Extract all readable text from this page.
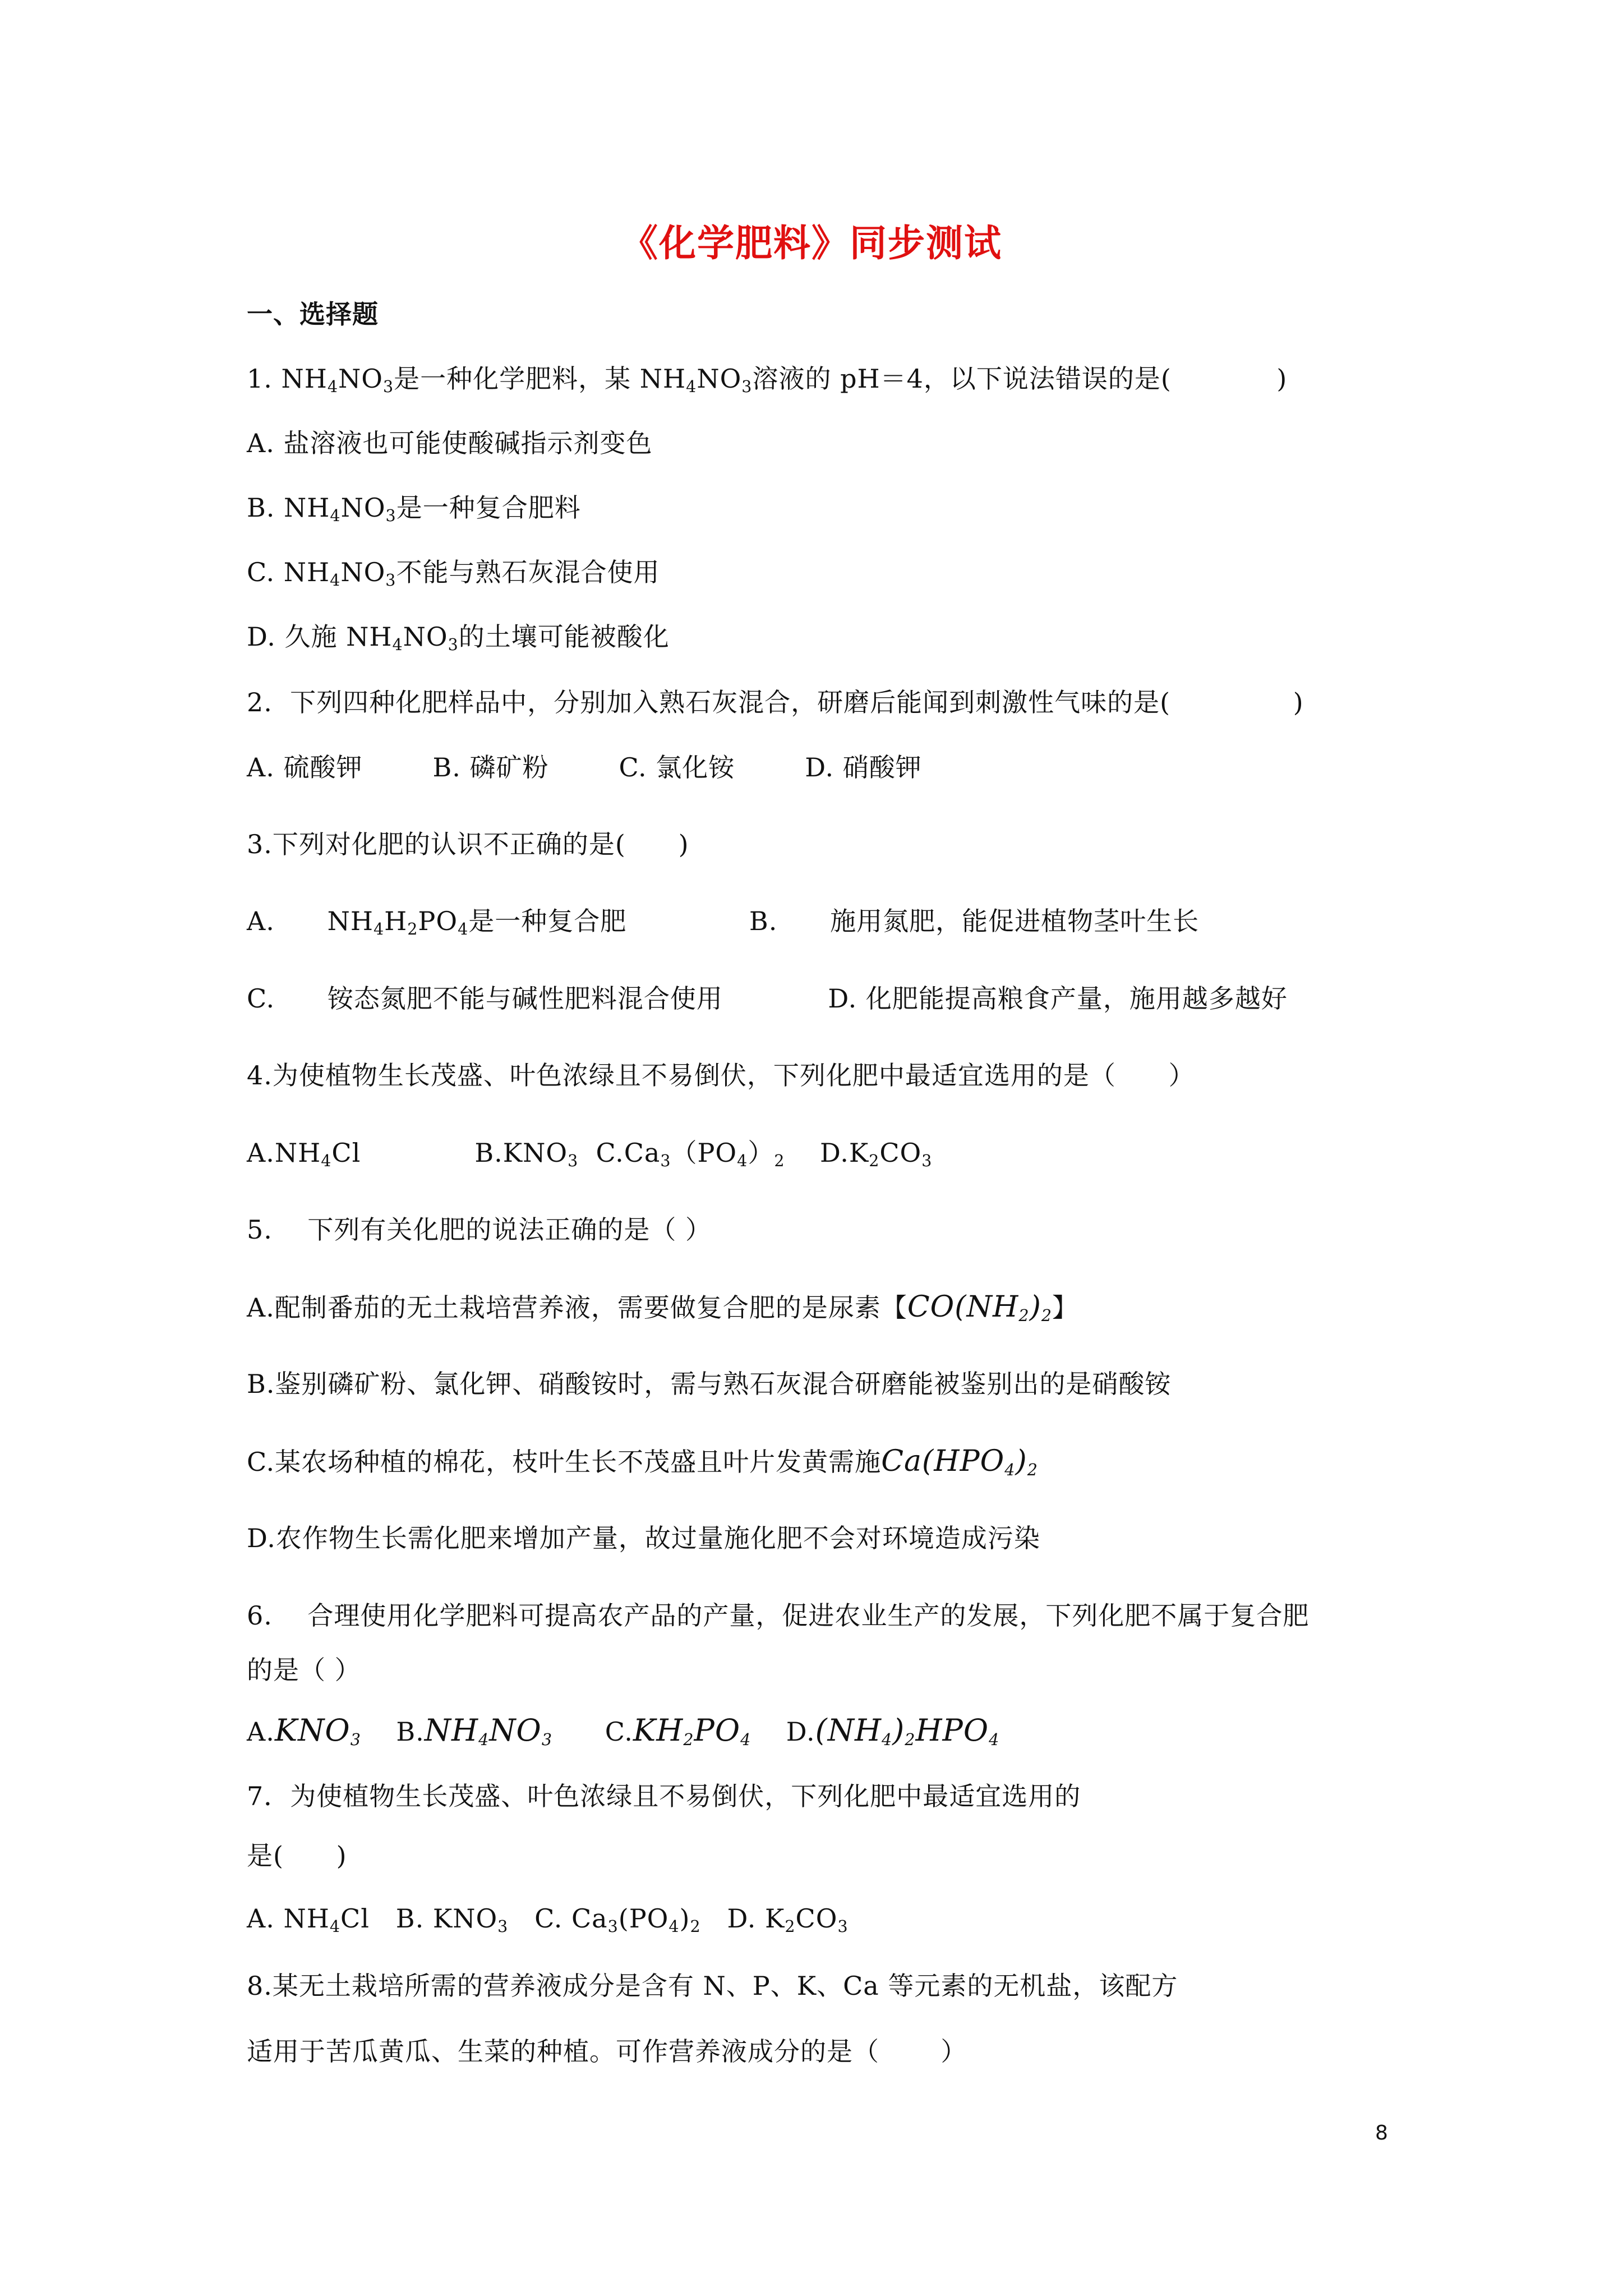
《化学肥料》同步测试
一、选择题
1. $NH_4NO_3$是一种化学肥料，某 $NH_4NO_3$溶液的 pH＝4，以下说法错误的是(            )
A. 盐溶液也可能使酸碱指示剂变色
B. $NH_4NO_3$是一种复合肥料
C. $NH_4NO_3$不能与熟石灰混合使用
D. 久施 $NH_4NO_3$的土壤可能被酸化
2.  下列四种化肥样品中，分别加入熟石灰混合，研磨后能闻到刺激性气味的是(              )
A. 硫酸钾        B. 磷矿粉        C. 氯化铵        D. 硝酸钾
3.下列对化肥的认识不正确的是(      )
A.      $NH_4H_2PO_4$是一种复合肥              B.      施用氮肥，能促进植物茎叶生长
C.      铵态氮肥不能与碱性肥料混合使用            D. 化肥能提高粮食产量，施用越多越好
4.为使植物生长茂盛、叶色浓绿且不易倒伏，下列化肥中最适宜选用的是（      ）
$A.NH_4Cl$             $B.KNO_3$  $C.Ca_3(PO_4)_2$    $D.K_2CO_3$
5.    下列有关化肥的说法正确的是（ ）
A.配制番茄的无土栽培营养液，需要做复合肥的是尿素【$CO(NH_2)_2$】
B.鉴别磷矿粉、氯化钾、硝酸铵时，需与熟石灰混合研磨能被鉴别出的是硝酸铵
C.某农场种植的棉花，枝叶生长不茂盛且叶片发黄需施$Ca(HPO_4)_2$
D.农作物生长需化肥来增加产量，故过量施化肥不会对环境造成污染
6.    合理使用化学肥料可提高农产品的产量，促进农业生产的发展，下列化肥不属于复合肥
的是（ ）
$A.KNO_3$    $B.NH_4NO_3$      $C.KH_2PO_4$    $D.(NH_4)_2HPO_4$
7．为使植物生长茂盛、叶色浓绿且不易倒伏，下列化肥中最适宜选用的
是(      )
A. $NH_4Cl$   B. $KNO_3$   C. $Ca_3(PO_4)_2$   D. $K_2CO_3$
8.某无土栽培所需的营养液成分是含有 N、P、K、Ca 等元素的无机盐，该配方
适用于苦瓜黄瓜、生菜的种植。可作营养液成分的是（       ）
8
